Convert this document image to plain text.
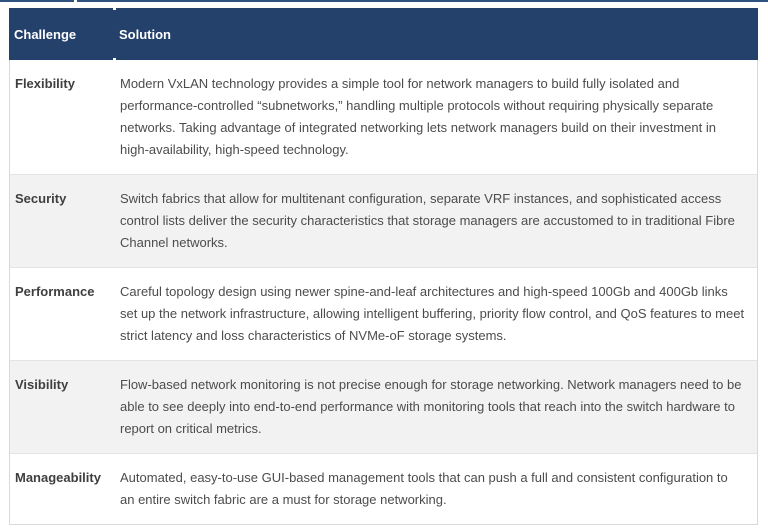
Challenge	Solution
Flexibility	Modern VxLAN technology provides a simple tool for network managers to build fully isolated and performance-controlled “subnetworks,” handling multiple protocols without requiring physically separate networks. Taking advantage of integrated networking lets network managers build on their investment in high-availability, high-speed technology.
Security	Switch fabrics that allow for multitenant configuration, separate VRF instances, and sophisticated access control lists deliver the security characteristics that storage managers are accustomed to in traditional Fibre Channel networks.
Performance	Careful topology design using newer spine-and-leaf architectures and high-speed 100Gb and 400Gb links set up the network infrastructure, allowing intelligent buffering, priority flow control, and QoS features to meet strict latency and loss characteristics of NVMe-oF storage systems.
Visibility	Flow-based network monitoring is not precise enough for storage networking. Network managers need to be able to see deeply into end-to-end performance with monitoring tools that reach into the switch hardware to report on critical metrics.
Manageability	Automated, easy-to-use GUI-based management tools that can push a full and consistent configuration to an entire switch fabric are a must for storage networking.
